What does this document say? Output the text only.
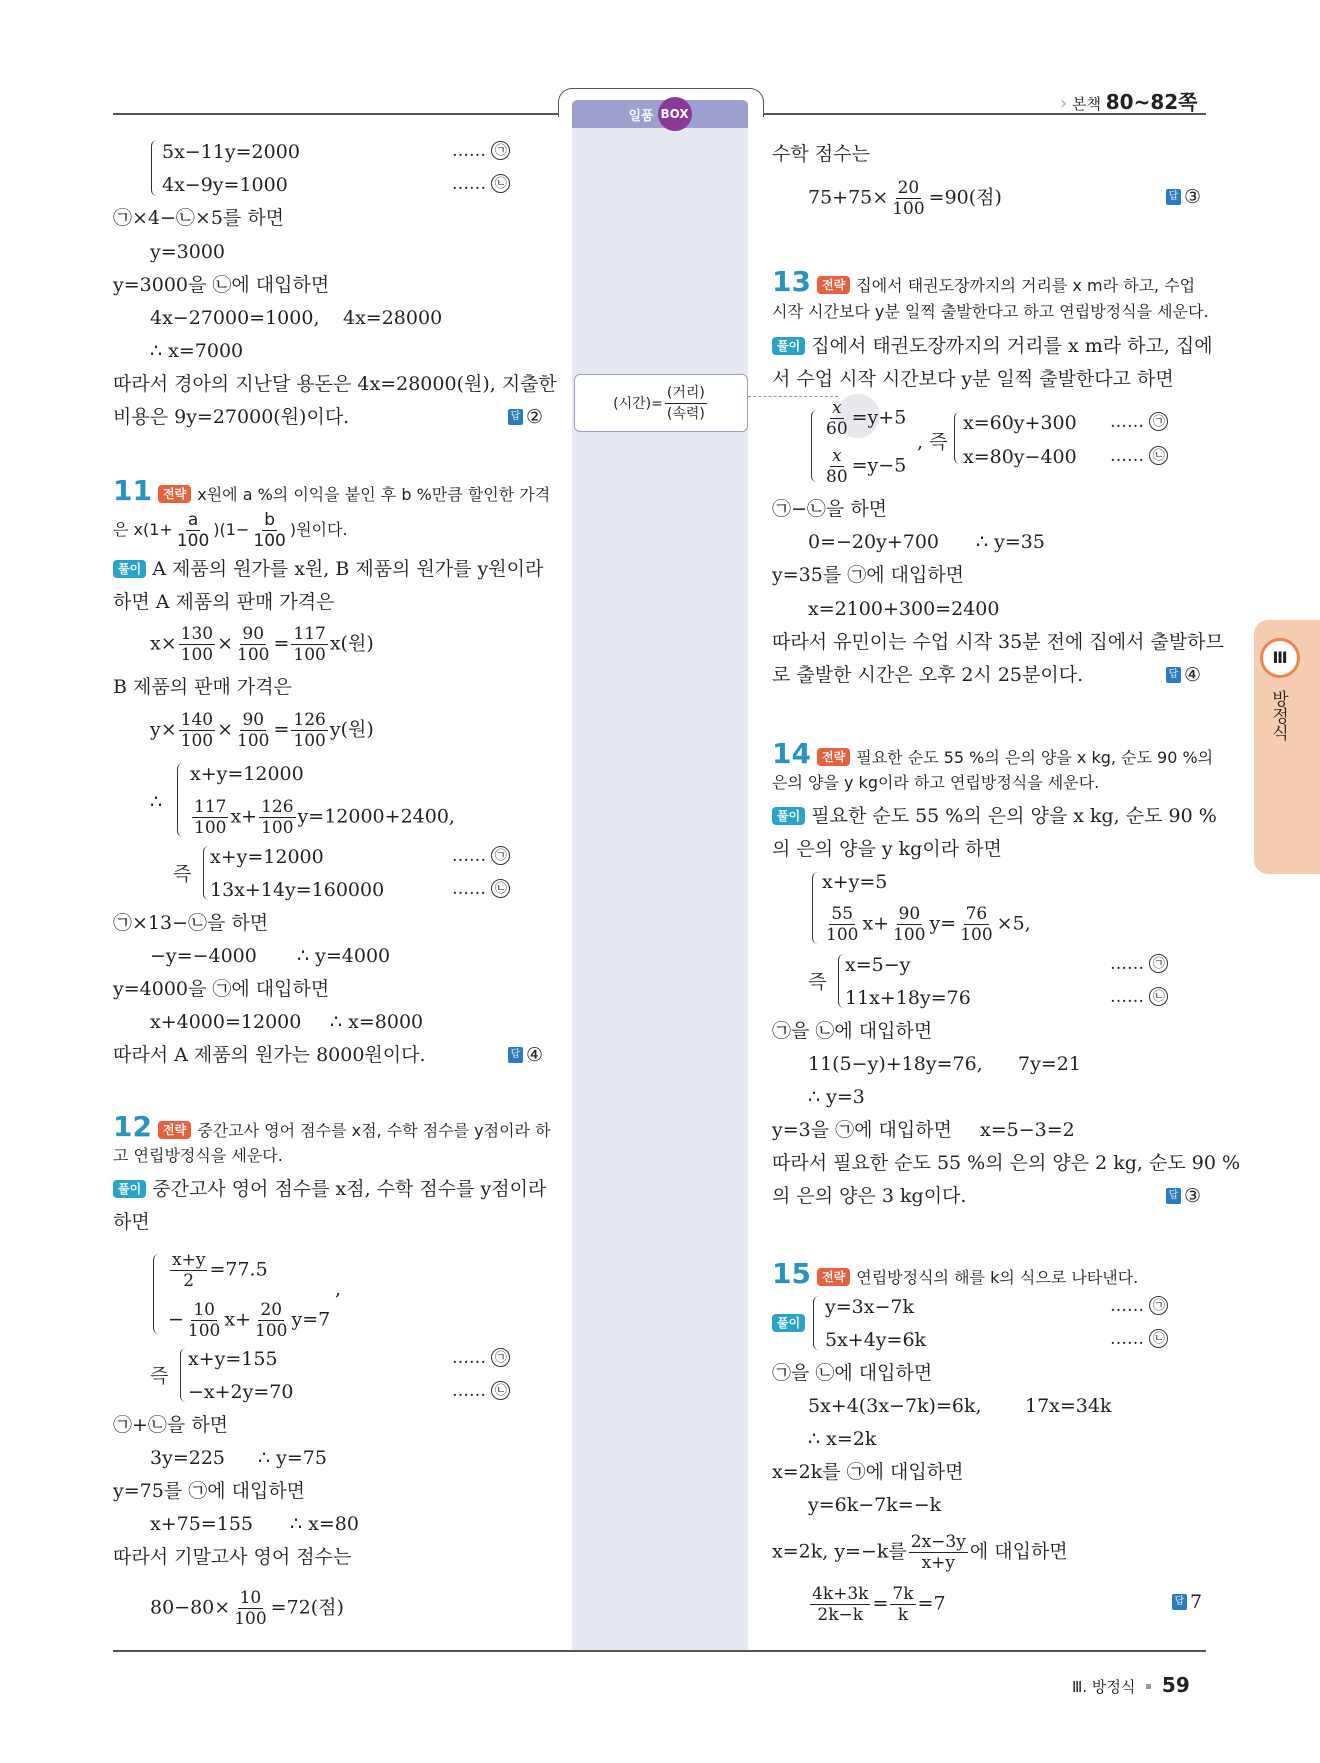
일품 BOX	› 본책 80~82쪽
Ⅲ
방정식
(시간)= $\frac{\text{(거리)}}{\text{(속력)}}$
5x−11y=2000	…… ㉠
4x−9y=1000	…… ㉡
㉠×4−㉡×5를 하면
y=3000
y=3000을 ㉡에 대입하면
4x−27000=1000, 4x=28000
∴ x=7000
따라서 경아의 지난달 용돈은 4x=28000(원), 지출한
비용은 9y=27000(원)이다.	답 ②
11 전략 x원에 a %의 이익을 붙인 후 b %만큼 할인한 가격
은 $x(1+ \frac{a}{100} )(1- \frac{b}{100}$ )원이다.
풀이 A 제품의 원가를 x원, B 제품의 원가를 y원이라
하면 A 제품의 판매 가격은
$x\times \frac{130}{100} \times \frac{90}{100} = \frac{117}{100} x$(원)
B 제품의 판매 가격은
$y\times \frac{140}{100} \times \frac{90}{100} = \frac{126}{100} y$(원)
∴
x+y=12000
$\frac{117}{100} x+ \frac{126}{100} y=12000+2400$,
즉
x+y=12000	…… ㉠
13x+14y=160000	…… ㉡
㉠×13−㉡을 하면
−y=−4000 ∴ y=4000
y=4000을 ㉠에 대입하면
x+4000=12000 ∴ x=8000
따라서 A 제품의 원가는 8000원이다.	답 ④
12 전략 중간고사 영어 점수를 x점, 수학 점수를 y점이라 하
고 연립방정식을 세운다.
풀이 중간고사 영어 점수를 x점, 수학 점수를 y점이라
하면
$\frac{x+y}{2} =77.5$
,
− $\frac{10}{100} x+ \frac{20}{100} y=7$
즉
x+y=155	…… ㉠
−x+2y=70	…… ㉡
㉠+㉡을 하면
3y=225 ∴ y=75
y=75를 ㉠에 대입하면
x+75=155 ∴ x=80
따라서 기말고사 영어 점수는
$80-80\times \frac{10}{100} =72$(점)
수학 점수는
$75+75\times \frac{20}{100} =90$(점)	답 ③
13 전략 집에서 태권도장까지의 거리를 x m라 하고, 수업
시작 시간보다 y분 일찍 출발한다고 하고 연립방정식을 세운다.
풀이 집에서 태권도장까지의 거리를 x m라 하고, 집에
서 수업 시작 시간보다 y분 일찍 출발한다고 하면
$\frac{x}{60} =y+5$
$\frac{x}{80} =y-5$
, 즉
x=60y+300 …… ㉠
x=80y−400 …… ㉡
㉠−㉡을 하면
0=−20y+700 ∴ y=35
y=35를 ㉠에 대입하면
x=2100+300=2400
따라서 유민이는 수업 시작 35분 전에 집에서 출발하므
로 출발한 시간은 오후 2시 25분이다.	답 ④
14 전략 필요한 순도 55 %의 은의 양을 x kg, 순도 90 %의
은의 양을 y kg이라 하고 연립방정식을 세운다.
풀이 필요한 순도 55 %의 은의 양을 x kg, 순도 90 %
의 은의 양을 y kg이라 하면
x+y=5
$\frac{55}{100} x+ \frac{90}{100} y= \frac{76}{100} \times 5$,
즉
x=5−y	…… ㉠
11x+18y=76	…… ㉡
㉠을 ㉡에 대입하면
11(5−y)+18y=76, 7y=21
∴ y=3
y=3을 ㉠에 대입하면 x=5−3=2
따라서 필요한 순도 55 %의 은의 양은 2 kg, 순도 90 %
의 은의 양은 3 kg이다.	답 ③
15 전략 연립방정식의 해를 k의 식으로 나타낸다.
풀이
y=3x−7k	…… ㉠
5x+4y=6k	…… ㉡
㉠을 ㉡에 대입하면
5x+4(3x−7k)=6k, 17x=34k
∴ x=2k
x=2k를 ㉠에 대입하면
y=6k−7k=−k
x=2k, y=−k를 $\frac{2x-3y}{x+y}$ 에 대입하면
$\frac{4k+3k}{2k-k} = \frac{7k}{k} =7$	답 7
Ⅲ. 방정식 59
